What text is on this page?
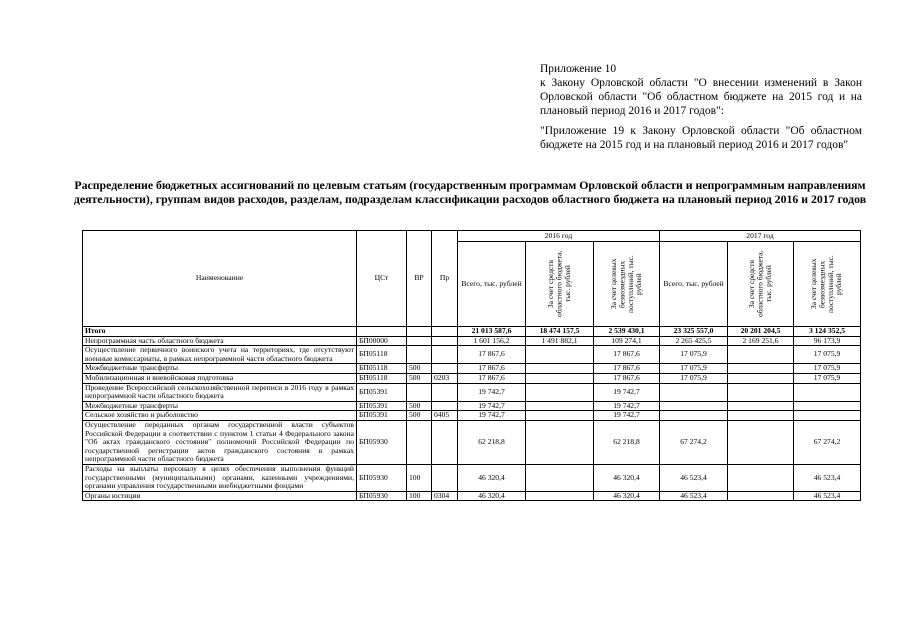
Приложение 10
к Закону Орловской области "О внесении изменений в Закон Орловской области "Об областном бюджете на 2015 год и на плановый период 2016 и 2017 годов":
"Приложение 19 к Закону Орловской области "Об областном бюджете на 2015 год и на плановый период 2016 и 2017 годов"
Распределение бюджетных ассигнований по целевым статьям (государственным программам Орловской области и непрограммным направлениям деятельности), группам видов расходов, разделам, подразделам классификации расходов областного бюджета на плановый период 2016 и 2017 годов
Наименование	ЦСт	ВР	Пр	2016 год			2017 год		
				Всего, тыс. рублей	За счет средств областного бюджета, тыс. рублей	За счет целевых безвозмездных поступлений, тыс. рублей	Всего, тыс. рублей	За счет средств областного бюджета, тыс. рублей	За счет целевых безвозмездных поступлений, тыс. рублей

Итого				21 013 587,6	18 474 157,5	2 539 430,1	23 325 557,0	20 201 204,5	3 124 352,5
Непрограммная часть областного бюджета	БП00000			1 601 156,2	1 491 882,1	109 274,1	2 265 425,5	2 169 251,6	96 173,9
Осуществление первичного воинского учета на территориях, где отсутствуют военные комиссариаты, в рамках непрограммной части областного бюджета	БП05118			17 867,6		17 867,6	17 075,9		17 075,9
Межбюджетные трансферты	БП05118	500		17 867,6		17 867,6	17 075,9		17 075,9
Мобилизационная и вневойсковая подготовка	БП05118	500	0203	17 867,6		17 867,6	17 075,9		17 075,9
Проведение Всероссийской сельскохозяйственной переписи в 2016 году в рамках непрограммной части областного бюджета	БП05391			19 742,7		19 742,7			
Межбюджетные трансферты	БП05391	500		19 742,7		19 742,7			
Сельское хозяйство и рыболовство	БП05391	500	0405	19 742,7		19 742,7			
Осуществление переданных органам государственной власти субъектов Российской Федерации в соответствии с пунктом 1 статьи 4 Федерального закона "Об актах гражданского состояния" полномочий Российской Федерации по государственной регистрации актов гражданского состояния в рамках непрограммной части областного бюджета	БП05930			62 218,8		62 218,8	67 274,2		67 274,2
Расходы на выплаты персоналу в целях обеспечения выполнения функций государственными (муниципальными) органами, казенными учреждениями, органами управления государственными внебюджетными фондами	БП05930	100		46 320,4		46 320,4	46 523,4		46 523,4
Органы юстиции	БП05930	100	0304	46 320,4		46 320,4	46 523,4		46 523,4
